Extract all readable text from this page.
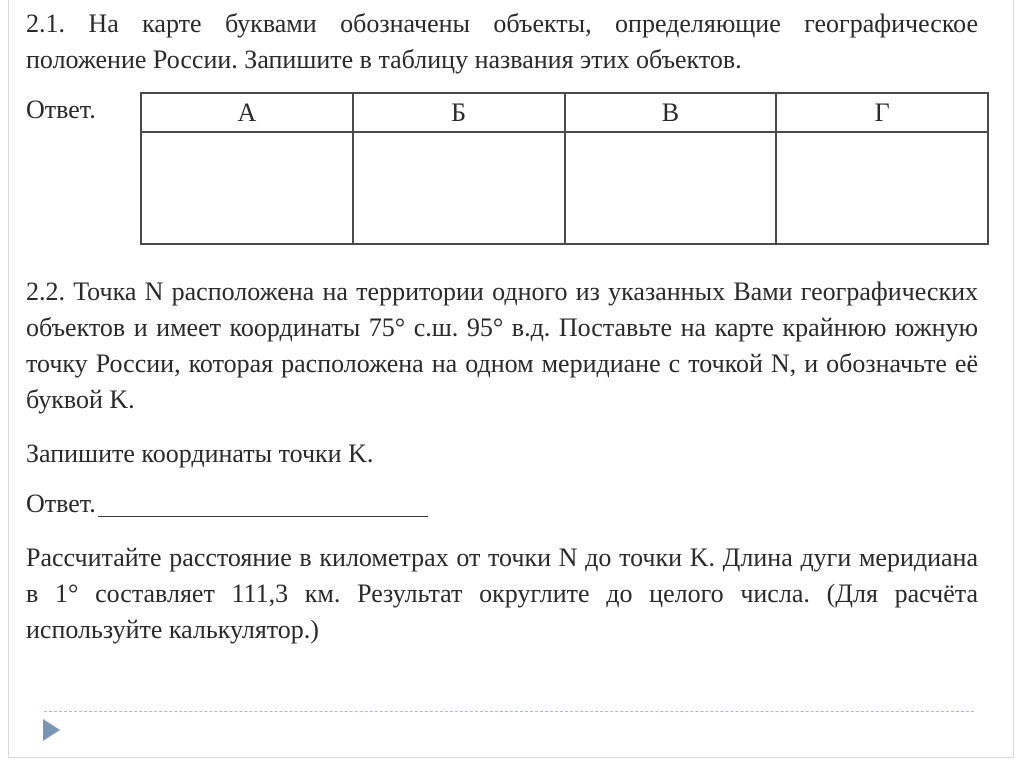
2.1. На карте буквами обозначены объекты, определяющие географическое положение России. Запишите в таблицу названия этих объектов.

Ответ.	А	Б	В	Г

2.2. Точка N расположена на территории одного из указанных Вами географических объектов и имеет координаты 75° с.ш. 95° в.д. Поставьте на карте крайнюю южную точку России, которая расположена на одном меридиане с точкой N, и обозначьте её буквой K.

Запишите координаты точки K.

Ответ.

Рассчитайте расстояние в километрах от точки N до точки K. Длина дуги меридиана в 1° составляет 111,3 км. Результат округлите до целого числа. (Для расчёта используйте калькулятор.)
